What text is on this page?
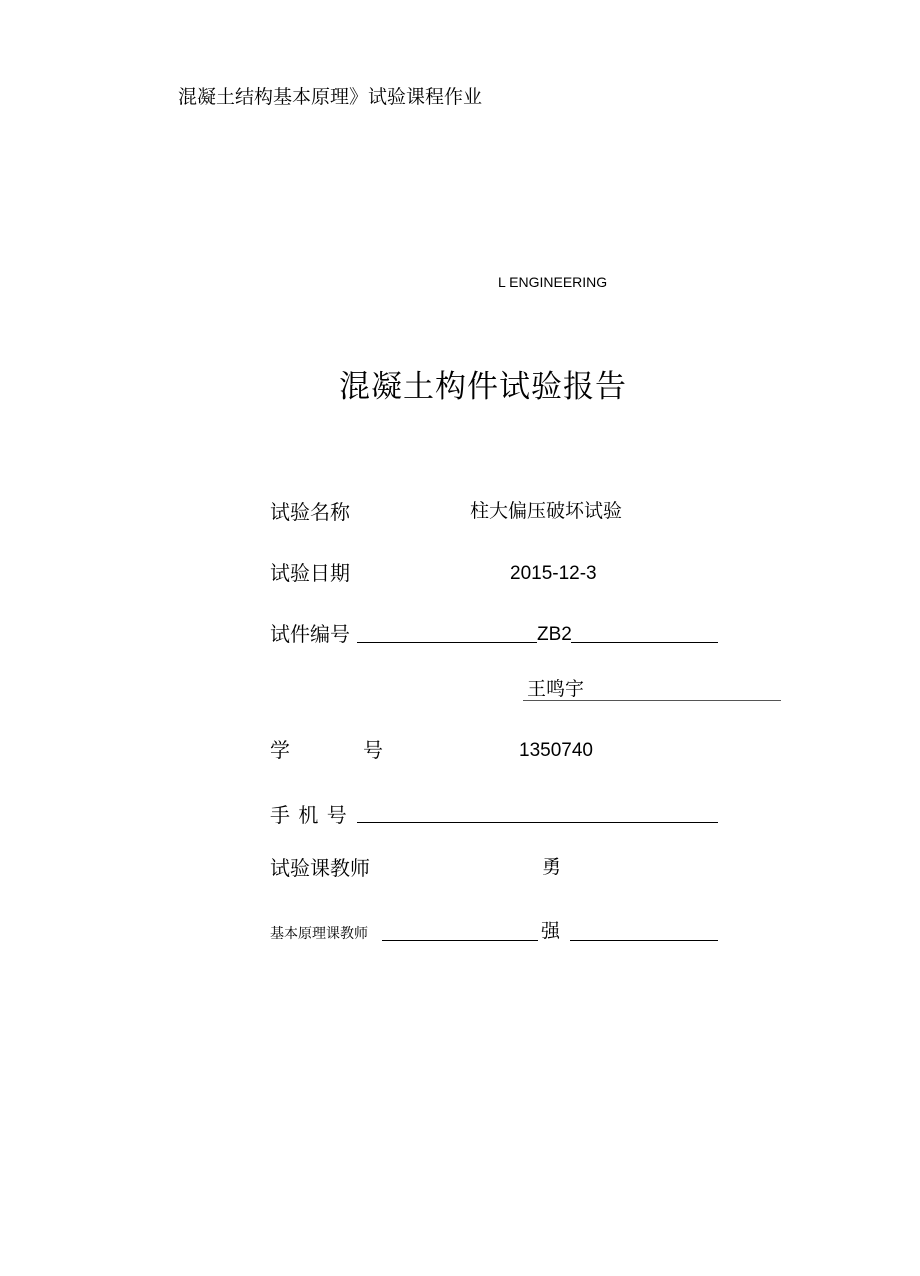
混凝土结构基本原理》试验课程作业
L ENGINEERING
混凝土构件试验报告
试验名称	柱大偏压破坏试验
试验日期	2015-12-3
试件编号	ZB2
王鸣宇
学	号	1350740
手 机 号
试验课教师	勇
基本原理课教师	强
